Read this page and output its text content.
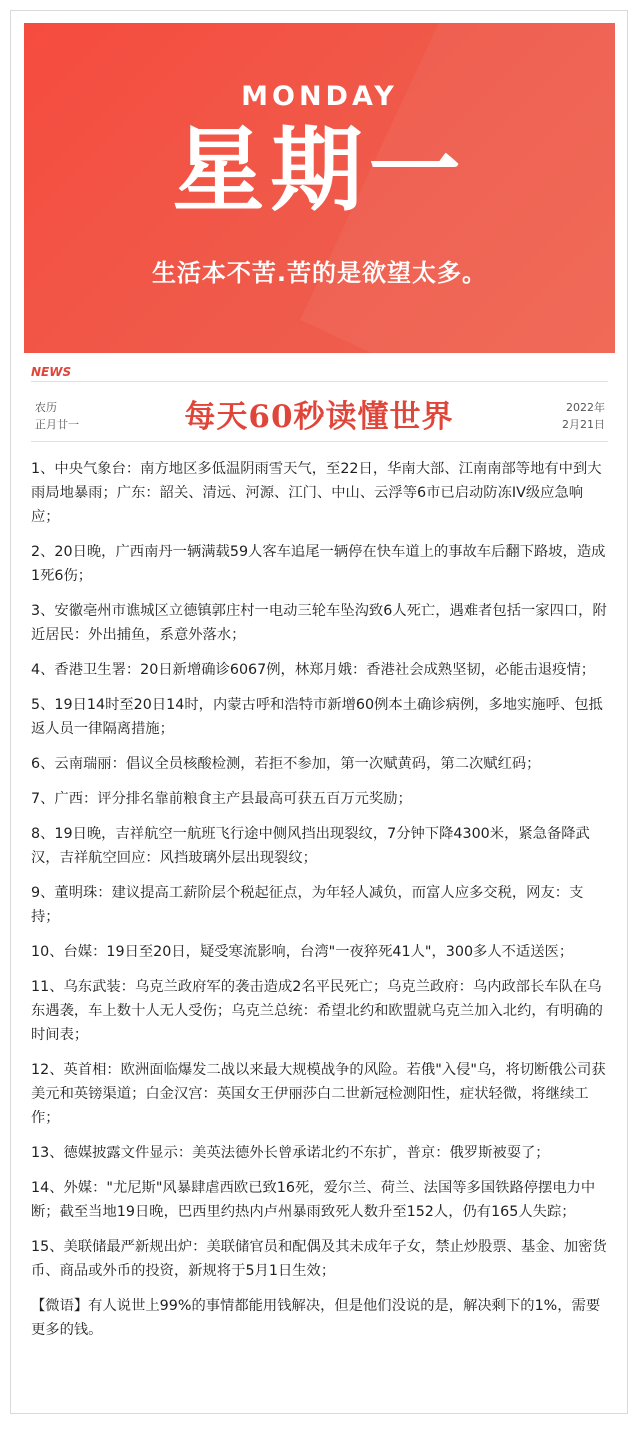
MONDAY
星期一
生活本不苦.苦的是欲望太多。
NEWS
农历
正月廿一	每天60秒读懂世界	2022年
2月21日

1、中央气象台：南方地区多低温阴雨雪天气，至22日，华南大部、江南南部等地有中到大雨局地暴雨；广东：韶关、清远、河源、江门、中山、云浮等6市已启动防冻IV级应急响应；

2、20日晚，广西南丹一辆满载59人客车追尾一辆停在快车道上的事故车后翻下路坡，造成1死6伤；

3、安徽亳州市谯城区立德镇郭庄村一电动三轮车坠沟致6人死亡，遇难者包括一家四口，附近居民：外出捕鱼，系意外落水；

4、香港卫生署：20日新增确诊6067例，林郑月娥：香港社会成熟坚韧，必能击退疫情；

5、19日14时至20日14时，内蒙古呼和浩特市新增60例本土确诊病例，多地实施呼、包抵返人员一律隔离措施；

6、云南瑞丽：倡议全员核酸检测，若拒不参加，第一次赋黄码，第二次赋红码；

7、广西：评分排名靠前粮食主产县最高可获五百万元奖励；

8、19日晚，吉祥航空一航班飞行途中侧风挡出现裂纹，7分钟下降4300米，紧急备降武汉，吉祥航空回应：风挡玻璃外层出现裂纹；

9、董明珠：建议提高工薪阶层个税起征点，为年轻人减负，而富人应多交税，网友：支持；

10、台媒：19日至20日，疑受寒流影响，台湾"一夜猝死41人"，300多人不适送医；

11、乌东武装：乌克兰政府军的袭击造成2名平民死亡；乌克兰政府：乌内政部长车队在乌东遇袭，车上数十人无人受伤；乌克兰总统：希望北约和欧盟就乌克兰加入北约，有明确的时间表；

12、英首相：欧洲面临爆发二战以来最大规模战争的风险。若俄"入侵"乌，将切断俄公司获美元和英镑渠道；白金汉宫：英国女王伊丽莎白二世新冠检测阳性，症状轻微，将继续工作；

13、德媒披露文件显示：美英法德外长曾承诺北约不东扩，普京：俄罗斯被耍了；

14、外媒："尤尼斯"风暴肆虐西欧已致16死，爱尔兰、荷兰、法国等多国铁路停摆电力中断；截至当地19日晚，巴西里约热内卢州暴雨致死人数升至152人，仍有165人失踪；

15、美联储最严新规出炉：美联储官员和配偶及其未成年子女，禁止炒股票、基金、加密货币、商品或外币的投资，新规将于5月1日生效；

【微语】有人说世上99%的事情都能用钱解决，但是他们没说的是，解决剩下的1%，需要更多的钱。
